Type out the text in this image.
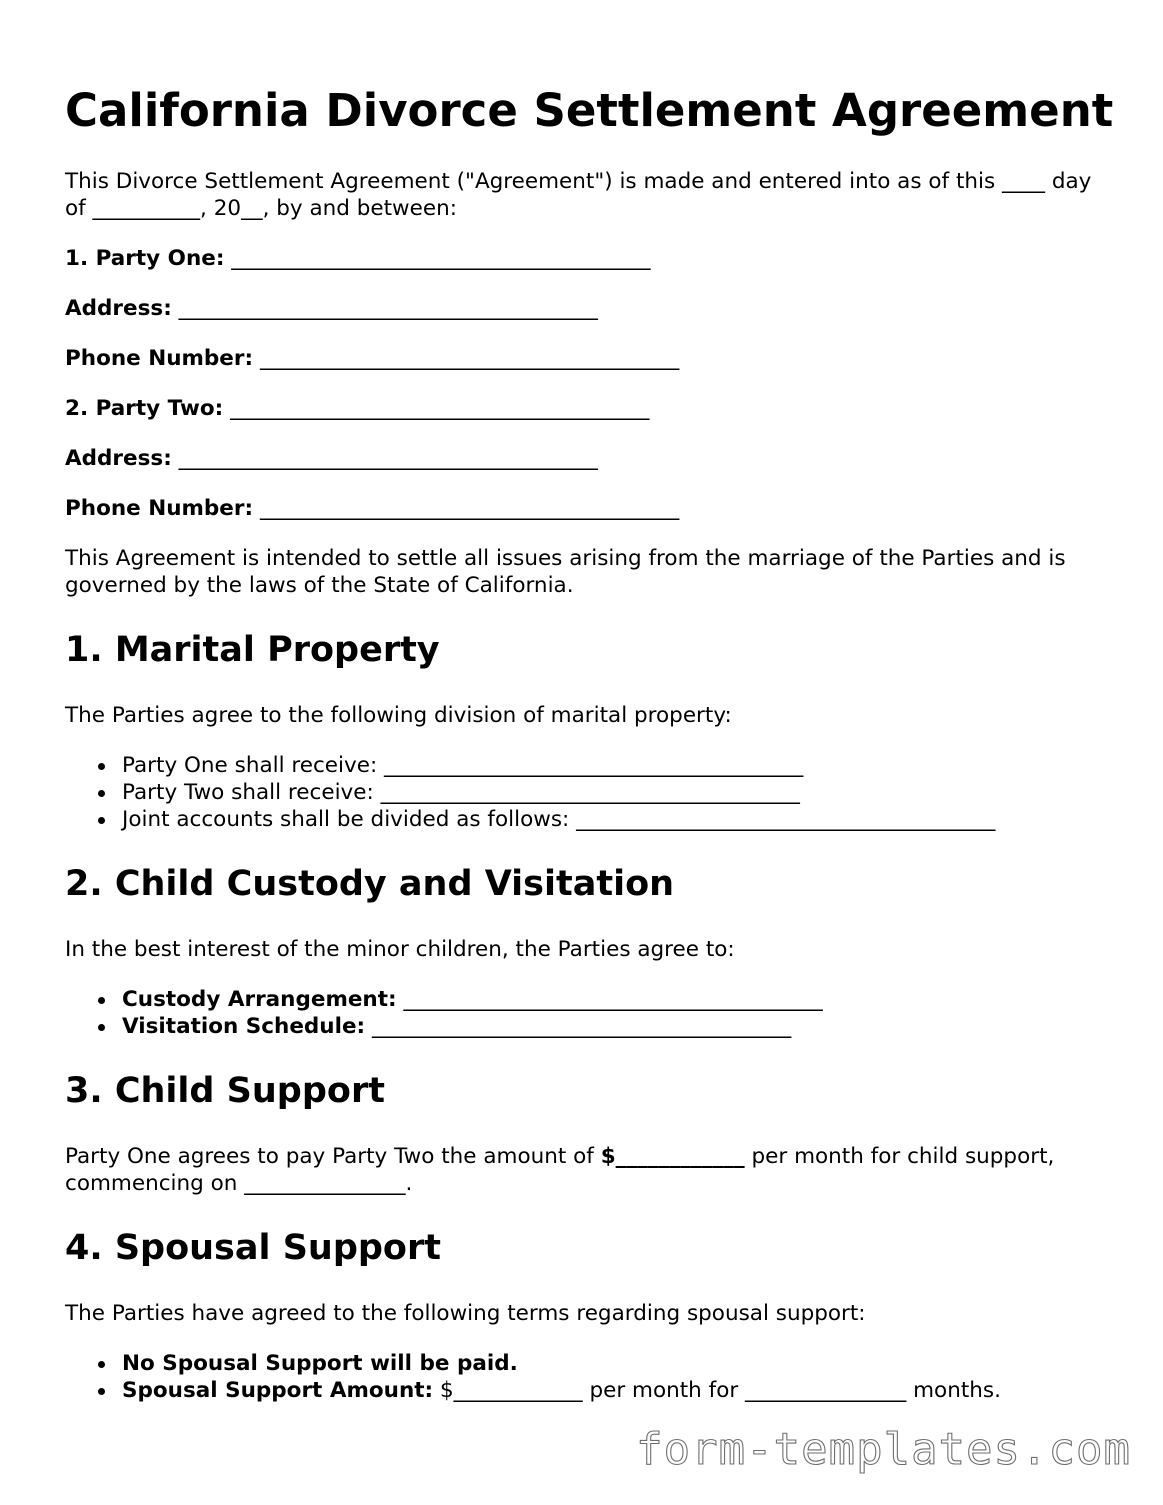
California Divorce Settlement Agreement

This Divorce Settlement Agreement ("Agreement") is made and entered into as of this ____ day of __________, 20__, by and between:

1. Party One: _______________________________________
Address: _______________________________________
Phone Number: _______________________________________
2. Party Two: _______________________________________
Address: _______________________________________
Phone Number: _______________________________________

This Agreement is intended to settle all issues arising from the marriage of the Parties and is governed by the laws of the State of California.

1. Marital Property

The Parties agree to the following division of marital property:

Party One shall receive: _______________________________________
Party Two shall receive: _______________________________________
Joint accounts shall be divided as follows: _______________________________________
2. Child Custody and Visitation

In the best interest of the minor children, the Parties agree to:

Custody Arrangement: _______________________________________
Visitation Schedule: _______________________________________
3. Child Support

Party One agrees to pay Party Two the amount of $____________ per month for child support, commencing on _______________.

4. Spousal Support

The Parties have agreed to the following terms regarding spousal support:

No Spousal Support will be paid.
Spousal Support Amount: $____________ per month for _______________ months.
form-templates.com
